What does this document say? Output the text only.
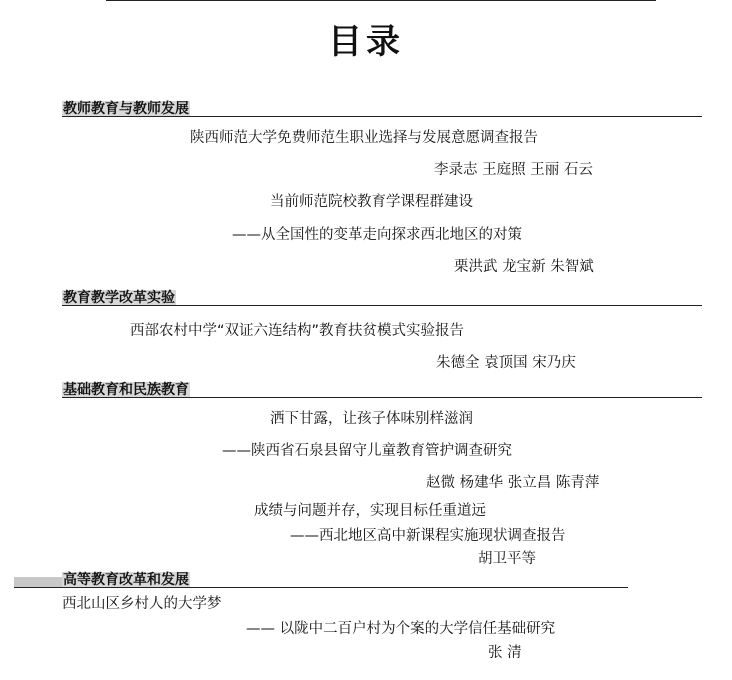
目录
教师教育与教师发展
陕西师范大学免费师范生职业选择与发展意愿调查报告
李录志 王庭照 王丽 石云
当前师范院校教育学课程群建设
——从全国性的变革走向探求西北地区的对策
栗洪武 龙宝新 朱智斌
教育教学改革实验
西部农村中学“双证六连结构”教育扶贫模式实验报告
朱德全 袁顶国 宋乃庆
基础教育和民族教育
洒下甘露，让孩子体味别样滋润
——陕西省石泉县留守儿童教育管护调查研究
赵微 杨建华 张立昌 陈青萍
成绩与问题并存，实现目标任重道远
——西北地区高中新课程实施现状调查报告
胡卫平等
高等教育改革和发展
西北山区乡村人的大学梦
—— 以陇中二百户村为个案的大学信任基础研究
张 清
